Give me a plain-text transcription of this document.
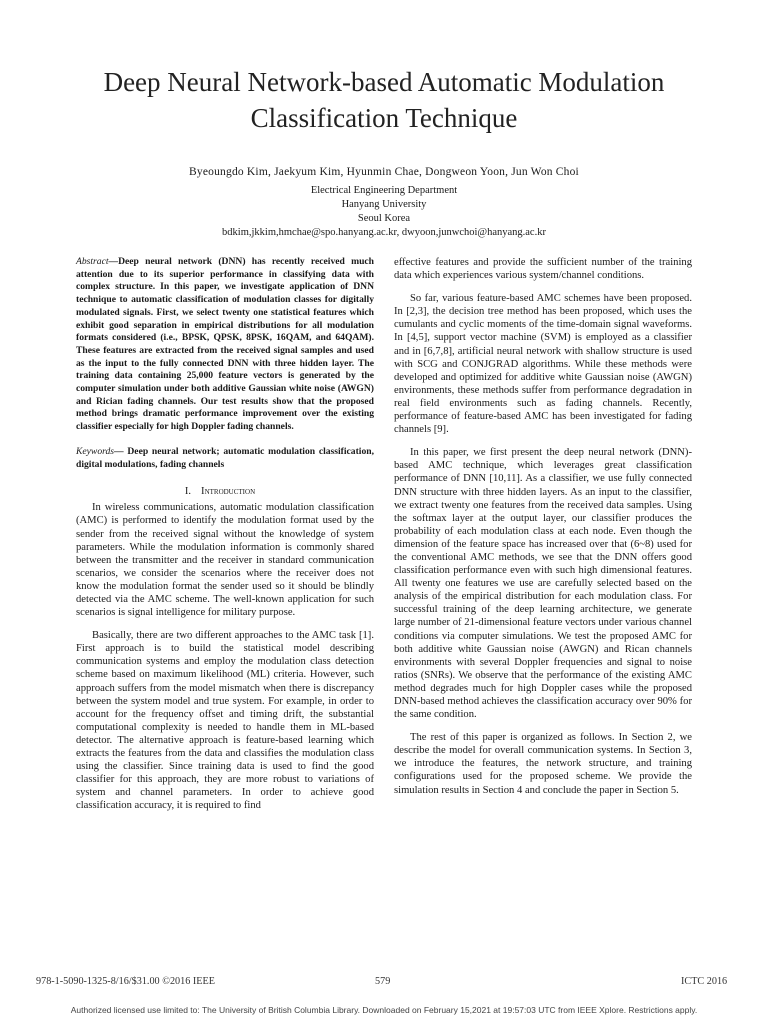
Deep Neural Network-based Automatic Modulation
Classification Technique
Byeoungdo Kim, Jaekyum Kim, Hyunmin Chae, Dongweon Yoon, Jun Won Choi
Electrical Engineering Department
Hanyang University
Seoul Korea
bdkim,jkkim,hmchae@spo.hanyang.ac.kr, dwyoon,junwchoi@hanyang.ac.kr

Abstract—Deep neural network (DNN) has recently received much attention due to its superior performance in classifying data with complex structure. In this paper, we investigate application of DNN technique to automatic classification of modulation classes for digitally modulated signals. First, we select twenty one statistical features which exhibit good separation in empirical distributions for all modulation formats considered (i.e., BPSK, QPSK, 8PSK, 16QAM, and 64QAM). These features are extracted from the received signal samples and used as the input to the fully connected DNN with three hidden layer. The training data containing 25,000 feature vectors is generated by the computer simulation under both additive Gaussian white noise (AWGN) and Rician fading channels. Our test results show that the proposed method brings dramatic performance improvement over the existing classifier especially for high Doppler fading channels.

Keywords— Deep neural network; automatic modulation classification, digital modulations, fading channels

I. Introduction

In wireless communications, automatic modulation classification (AMC) is performed to identify the modulation format used by the sender from the received signal without the knowledge of system parameters. While the modulation information is commonly shared between the transmitter and the receiver in standard communication scenarios, we consider the scenarios where the receiver does not know the modulation format the sender used so it should be blindly detected via the AMC scheme. The well-known application for such scenarios is signal intelligence for military purpose.

Basically, there are two different approaches to the AMC task [1]. First approach is to build the statistical model describing communication systems and employ the modulation class detection scheme based on maximum likelihood (ML) criteria. However, such approach suffers from the model mismatch when there is discrepancy between the system model and true system. For example, in order to account for the frequency offset and timing drift, the substantial computational complexity is needed to handle them in ML-based detector. The alternative approach is feature-based learning which extracts the features from the data and classifies the modulation class using the classifier. Since training data is used to find the good classifier for this approach, they are more robust to variations of system and channel parameters. In order to achieve good classification accuracy, it is required to find

effective features and provide the sufficient number of the training data which experiences various system/channel conditions.

So far, various feature-based AMC schemes have been proposed. In [2,3], the decision tree method has been proposed, which uses the cumulants and cyclic moments of the time-domain signal waveforms. In [4,5], support vector machine (SVM) is employed as a classifier and in [6,7,8], artificial neural network with shallow structure is used with SCG and CONJGRAD algorithms. While these methods were developed and optimized for additive white Gaussian noise (AWGN) environments, these methods suffer from performance degradation in real field environments such as fading channels. Recently, performance of feature-based AMC has been investigated for fading channels [9].

In this paper, we first present the deep neural network (DNN)-based AMC technique, which leverages great classification performance of DNN [10,11]. As a classifier, we use fully connected DNN structure with three hidden layers. As an input to the classifier, we extract twenty one features from the received data samples. Using the softmax layer at the output layer, our classifier produces the probability of each modulation class at each node. Even though the dimension of the feature space has increased over that (6~8) used for the conventional AMC methods, we see that the DNN offers good classification performance even with such high dimensional features. All twenty one features we use are carefully selected based on the analysis of the empirical distribution for each modulation class. For successful training of the deep learning architecture, we generate large number of 21-dimensional feature vectors under various channel conditions via computer simulations. We test the proposed AMC for both additive white Gaussian noise (AWGN) and Rican channels environments with several Doppler frequencies and signal to noise ratios (SNRs). We observe that the performance of the existing AMC method degrades much for high Doppler cases while the proposed DNN-based method achieves the classification accuracy over 90% for the same condition.

The rest of this paper is organized as follows. In Section 2, we describe the model for overall communication systems. In Section 3, we introduce the features, the network structure, and training configurations used for the proposed scheme. We provide the simulation results in Section 4 and conclude the paper in Section 5.

978-1-5090-1325-8/16/$31.00 ©2016 IEEE	579	ICTC 2016
Authorized licensed use limited to: The University of British Columbia Library. Downloaded on February 15,2021 at 19:57:03 UTC from IEEE Xplore. Restrictions apply.
